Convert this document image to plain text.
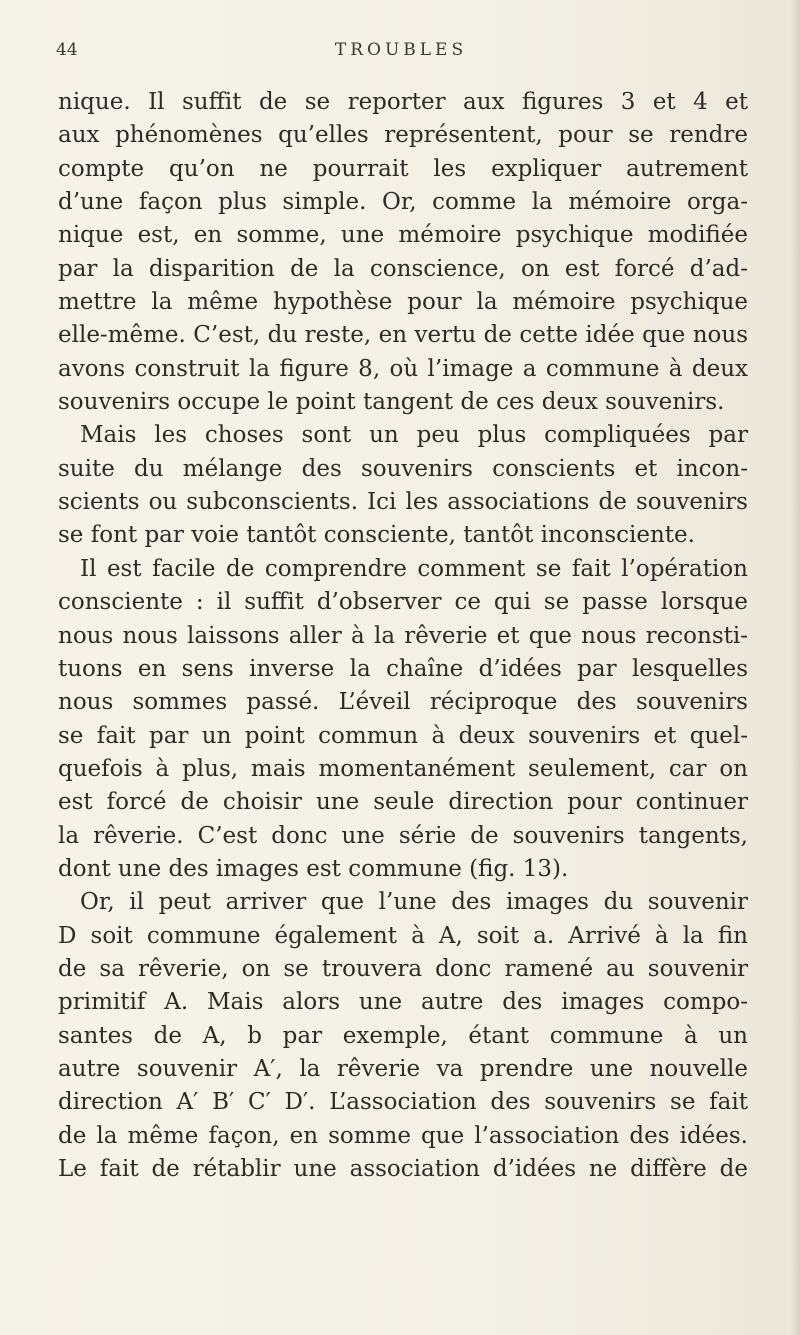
44	TROUBLES
nique. Il suffit de se reporter aux figures 3 et 4 et
aux phénomènes qu’elles représentent, pour se rendre
compte qu’on ne pourrait les expliquer autrement
d’une façon plus simple. Or, comme la mémoire orga-
nique est, en somme, une mémoire psychique modifiée
par la disparition de la conscience, on est forcé d’ad-
mettre la même hypothèse pour la mémoire psychique
elle-même. C’est, du reste, en vertu de cette idée que nous
avons construit la figure 8, où l’image a commune à deux
souvenirs occupe le point tangent de ces deux souvenirs.
Mais les choses sont un peu plus compliquées par
suite du mélange des souvenirs conscients et incon-
scients ou subconscients. Ici les associations de souvenirs
se font par voie tantôt consciente, tantôt inconsciente.
Il est facile de comprendre comment se fait l’opération
consciente : il suffit d’observer ce qui se passe lorsque
nous nous laissons aller à la rêverie et que nous reconsti-
tuons en sens inverse la chaîne d’idées par lesquelles
nous sommes passé. L’éveil réciproque des souvenirs
se fait par un point commun à deux souvenirs et quel-
quefois à plus, mais momentanément seulement, car on
est forcé de choisir une seule direction pour continuer
la rêverie. C’est donc une série de souvenirs tangents,
dont une des images est commune (fig. 13).
Or, il peut arriver que l’une des images du souvenir
D soit commune également à A, soit a. Arrivé à la fin
de sa rêverie, on se trouvera donc ramené au souvenir
primitif A. Mais alors une autre des images compo-
santes de A, b par exemple, étant commune à un
autre souvenir A′, la rêverie va prendre une nouvelle
direction A′ B′ C′ D′. L’association des souvenirs se fait
de la même façon, en somme que l’association des idées.
Le fait de rétablir une association d’idées ne diffère de
